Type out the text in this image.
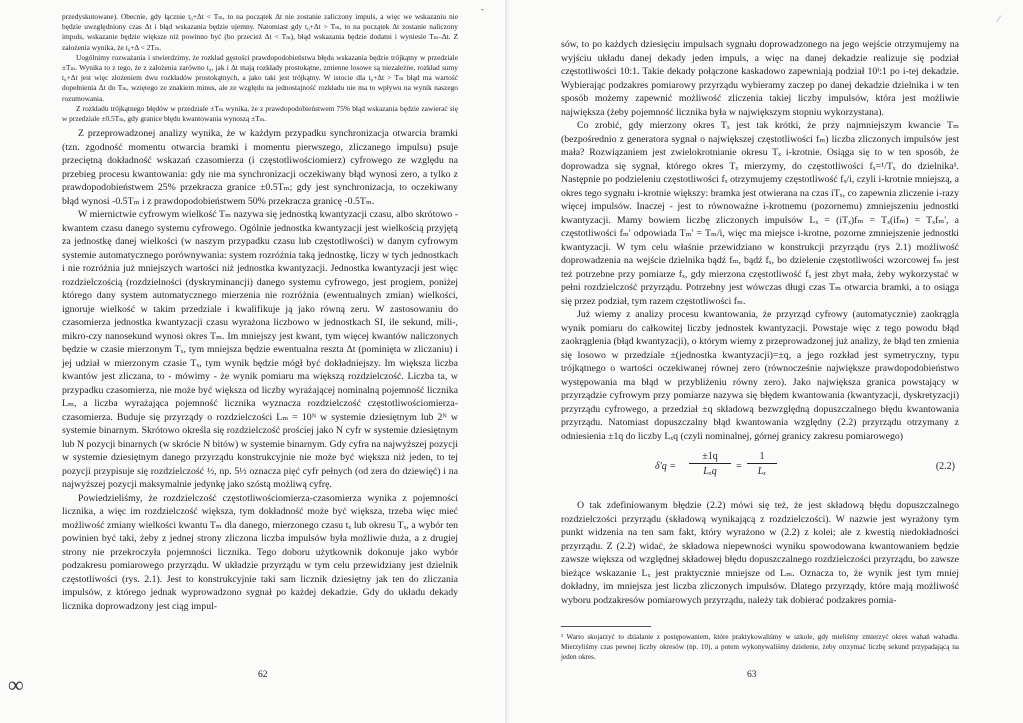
przedyskutowane). Obecnie, gdy łącznie t₀+Δt < Tₘ, to na początek Δt nie zostanie zaliczony impuls, a więc we wskazaniu nie będzie uwzględniony czas Δt i błąd wskazania będzie ujemny. Natomiast gdy t₀+Δt > Tₘ, to na początek Δt zostanie naliczony impuls, wskazanie będzie większe niż powinno być (bo przecież Δt < Tₘ), błąd wskazania będzie dodatni i wyniesie Tₘ–Δt. Z założenia wynika, że t₀+Δ < 2Tₘ.

Uogólnimy rozważania i stwierdzimy, że rozkład gęstości prawdopodobieństwa błędu wskazania będzie trójkątny w przedziale ±Tₘ. Wynika to z tego, że z założenia zarówno t₀, jak i Δt mają rozkłady prostokątne, zmienne losowe są niezależne, rozkład sumy t₀+Δt jest więc złożeniem dwu rozkładów prostokątnych, a jako taki jest trójkątny. W istocie dla t₀+Δt > Tₘ błąd ma wartość dopełnienia Δt do Tₘ, wziętego ze znakiem minus, ale ze względu na jednostajność rozkładu nie ma to wpływu na wynik naszego rozumowania.

Z rozkładu trójkątnego błędów w przedziale ±Tₘ wynika, że z prawdopodobieństwem 75% błąd wskazania będzie zawierać się w przedziale ±0.5Tₘ, gdy granice błędu kwantowania wynoszą ±Tₘ.

Z przeprowadzonej analizy wynika, że w każdym przypadku synchronizacja otwarcia bramki (tzn. zgodność momentu otwarcia bramki i momentu pierwszego, zliczanego impulsu) psuje przeciętną dokładność wskazań czasomierza (i częstotliwościomierz) cyfrowego ze względu na przebieg procesu kwantowania: gdy nie ma synchronizacji oczekiwany błąd wynosi zero, a tylko z prawdopodobieństwem 25% przekracza granice ±0.5Tₘ; gdy jest synchronizacja, to oczekiwany błąd wynosi -0.5Tₘ i z prawdopodobieństwem 50% przekracza granicę -0.5Tₘ.

W miernictwie cyfrowym wielkość Tₘ nazywa się jednostką kwantyzacji czasu, albo skrótowo - kwantem czasu danego systemu cyfrowego. Ogólnie jednostka kwantyzacji jest wielkością przyjętą za jednostkę danej wielkości (w naszym przypadku czasu lub częstotliwości) w danym cyfrowym systemie automatycznego porównywania: system rozróżnia taką jednostkę, liczy w tych jednostkach i nie rozróżnia już mniejszych wartości niż jednostka kwantyzacji. Jednostka kwantyzacji jest więc rozdzielczością (rozdzielności (dyskryminancji) danego systemu cyfrowego, jest progiem, poniżej którego dany system automatycznego mierzenia nie rozróżnia (ewentualnych zmian) wielkości, ignoruje wielkość w takim przedziale i kwalifikuje ją jako równą zeru. W zastosowaniu do czasomierza jednostka kwantyzacji czasu wyrażona liczbowo w jednostkach SI, ile sekund, mili-, mikro-czy nanosekund wynosi okres Tₘ. Im mniejszy jest kwant, tym więcej kwantów naliczonych będzie w czasie mierzonym Tₓ, tym mniejsza będzie ewentualna reszta Δt (pominięta w zliczaniu) i jej udział w mierzonym czasie Tₓ, tym wynik będzie mógł być dokładniejszy. Im większa liczba kwantów jest zliczana, to - mówimy - że wynik pomiaru ma większą rozdzielczość. Liczba ta, w przypadku czasomierza, nie może być większa od liczby wyrażającej nominalną pojemność licznika Lₘ, a liczba wyrażająca pojemność licznika wyznacza rozdzielczość częstotliwościomierza-czasomierza. Buduje się przyrządy o rozdzielczości Lₘ = 10ᴺ w systemie dziesiętnym lub 2ᴺ w systemie binarnym. Skrótowo określa się rozdzielczość prościej jako N cyfr w systemie dziesiętnym lub N pozycji binarnych (w skrócie N bitów) w systemie binarnym. Gdy cyfra na najwyższej pozycji w systemie dziesiętnym danego przyrządu konstrukcyjnie nie może być większa niż jeden, to tej pozycji przypisuje się rozdzielczość ½, np. 5½ oznacza pięć cyfr pełnych (od zera do dziewięć) i na najwyższej pozycji maksymalnie jedynkę jako szóstą możliwą cyfrę.

Powiedzieliśmy, że rozdzielczość częstotliwościomierza-czasomierza wynika z pojemności licznika, a więc im rozdzielczość większa, tym dokładność może być większa, trzeba więc mieć możliwość zmiany wielkości kwantu Tₘ dla danego, mierzonego czasu tₓ lub okresu Tₓ, a wybór ten powinien być taki, żeby z jednej strony zliczona liczba impulsów była możliwie duża, a z drugiej strony nie przekroczyła pojemności licznika. Tego doboru użytkownik dokonuje jako wybór podzakresu pomiarowego przyrządu. W układzie przyrządu w tym celu przewidziany jest dzielnik częstotliwości (rys. 2.1). Jest to konstrukcyjnie taki sam licznik dziesiętny jak ten do zliczania impulsów, z którego jednak wyprowadzono sygnał po każdej dekadzie. Gdy do układu dekady licznika doprowadzony jest ciąg impul-

62
∞
-

sów, to po każdych dziesięciu impulsach sygnału doprowadzonego na jego wejście otrzymujemy na wyjściu układu danej dekady jeden impuls, a więc na danej dekadzie realizuje się podział częstotliwości 10:1. Takie dekady połączone kaskadowo zapewniają podział 10ᴵ:1 po i-tej dekadzie. Wybierając podzakres pomiarowy przyrządu wybieramy zaczep po danej dekadzie dzielnika i w ten sposób możemy zapewnić możliwość zliczenia takiej liczby impulsów, która jest możliwie największa (żeby pojemność licznika była w największym stopniu wykorzystana).

Co zrobić, gdy mierzony okres Tₓ jest tak krótki, że przy najmniejszym kwancie Tₘ (bezpośrednio z generatora sygnał o największej częstotliwości fₘ) liczba zliczonych impulsów jest mała? Rozwiązaniem jest zwielokrotnianie okresu Tₓ i-krotnie. Osiąga się to w ten sposób, że doprowadza się sygnał, którego okres Tₓ mierzymy, do częstotliwości fₓ=¹/Tₓ do dzielnika¹. Następnie po podzieleniu częstotliwości fₓ otrzymujemy częstotliwość fₓ/i, czyli i-krotnie mniejszą, a okres tego sygnału i-krotnie większy: bramka jest otwierana na czas iTₓ, co zapewnia zliczenie i-razy więcej impulsów. Inaczej - jest to równoważne i-krotnemu (pozornemu) zmniejszeniu jednostki kwantyzacji. Mamy bowiem liczbę zliczonych impulsów Lₓ = (iTₓ)fₘ = Tₓ(ifₘ) = Tₓfₘ', a częstotliwości fₘ' odpowiada Tₘ' = Tₘ/i, więc ma miejsce i-krotne, pozorne zmniejszenie jednostki kwantyzacji. W tym celu właśnie przewidziano w konstrukcji przyrządu (rys 2.1) możliwość doprowadzenia na wejście dzielnika bądź fₘ, bądź fₓ, bo dzielenie częstotliwości wzorcowej fₘ jest też potrzebne przy pomiarze fₓ, gdy mierzona częstotliwość fₓ jest zbyt mała, żeby wykorzystać w pełni rozdzielczość przyrządu. Potrzebny jest wówczas długi czas Tₘ otwarcia bramki, a to osiąga się przez podział, tym razem częstotliwości fₘ.

Już wiemy z analizy procesu kwantowania, że przyrząd cyfrowy (automatycznie) zaokrągla wynik pomiaru do całkowitej liczby jednostek kwantyzacji. Powstaje więc z tego powodu błąd zaokrąglenia (błąd kwantyzacji), o którym wiemy z przeprowadzonej już analizy, że błąd ten zmienia się losowo w przedziale ±(jednostka kwantyzacji)=±q, a jego rozkład jest symetryczny, typu trójkątnego o wartości oczekiwanej równej zero (równocześnie największe prawdopodobieństwo występowania ma błąd w przybliżeniu równy zero). Jako największa granica powstający w przyrządzie cyfrowym przy pomiarze nazywa się błędem kwantowania (kwantyzacji, dyskretyzacji) przyrządu cyfrowego, a przedział ±q składową bezwzględną dopuszczalnego błędu kwantowania przyrządu. Natomiast dopuszczalny błąd kwantowania względny (2.2) przyrządu otrzymany z odniesienia ±1q do liczby Lₓq (czyli nominalnej, górnej granicy zakresu pomiarowego)

δ'q =
±1q
Lₓq	= $\frac{1}{\text{Lₓ}}$	(2.2)

O tak zdefiniowanym błędzie (2.2) mówi się też, że jest składową błędu dopuszczalnego rozdzielczości przyrządu (składową wynikającą z rozdzielczości). W nazwie jest wyrażony tym punkt widzenia na ten sam fakt, który wyrażono w (2.2) z kolei; ale z kwestią niedokładności przyrządu. Z (2.2) widać, że składowa niepewności wyniku spowodowana kwantowaniem będzie zawsze większa od względnej składowej błędu dopuszczalnego rozdzielczości przyrządu, bo zawsze bieżące wskazanie Lₓ jest praktycznie mniejsze od Lₘ. Oznacza to, że wynik jest tym mniej dokładny, im mniejsza jest liczba zliczonych impulsów. Dlatego przyrządy, które mają możliwość wyboru podzakresów pomiarowych przyrządu, należy tak dobierać podzakres pomia-

¹ Warto skojarzyć to działanie z postępowaniem, które praktykowaliśmy w szkole, gdy mieliśmy zmierzyć okres wahań wahadła. Mierzyliśmy czas pewnej liczby okresów (np. 10), a potem wykonywaliśmy dzielenie, żeby otrzymać liczbę sekund przypadającą na jeden okres.
63
⁄
